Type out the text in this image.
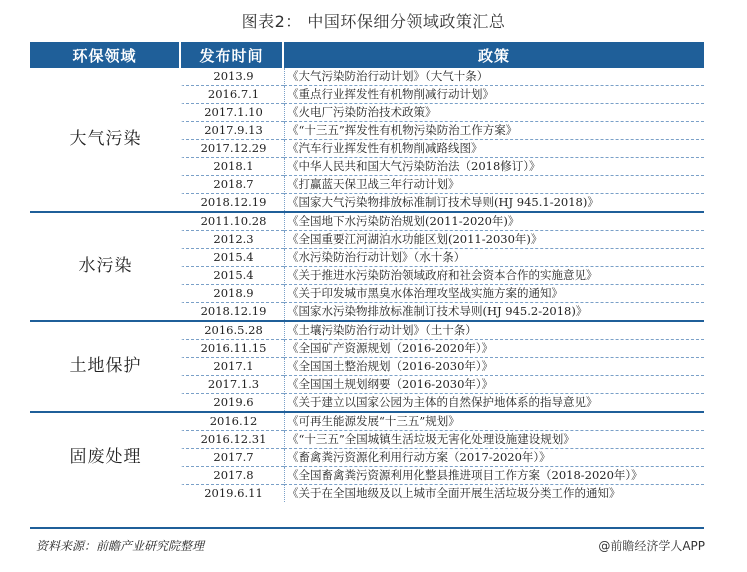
图表2： 中国环保细分领域政策汇总
环保领域	发布时间	政策
大气污染	2013.9	《大气污染防治行动计划》（大气十条）
	2016.7.1	《重点行业挥发性有机物削减行动计划》
	2017.1.10	《火电厂污染防治技术政策》
	2017.9.13	《“十三五”挥发性有机物污染防治工作方案》
	2017.12.29	《汽车行业挥发性有机物削减路线图》
	2018.1	《中华人民共和国大气污染防治法（2018修订）》
	2018.7	《打赢蓝天保卫战三年行动计划》
	2018.12.19	《国家大气污染物排放标准制订技术导则(HJ 945.1-2018)》

水污染	2011.10.28	《全国地下水污染防治规划(2011-2020年)》
	2012.3	《全国重要江河湖泊水功能区划(2011-2030年)》
	2015.4	《水污染防治行动计划》（水十条）
	2015.4	《关于推进水污染防治领域政府和社会资本合作的实施意见》
	2018.9	《关于印发城市黑臭水体治理攻坚战实施方案的通知》
	2018.12.19	《国家水污染物排放标准制订技术导则(HJ 945.2-2018)》

土地保护	2016.5.28	《土壤污染防治行动计划》（土十条）
	2016.11.15	《全国矿产资源规划（2016-2020年）》
	2017.1	《全国国土整治规划（2016-2030年）》
	2017.1.3	《全国国土规划纲要（2016-2030年）》
	2019.6	《关于建立以国家公园为主体的自然保护地体系的指导意见》

固废处理	2016.12	《可再生能源发展“十三五”规划》
	2016.12.31	《“十三五”全国城镇生活垃圾无害化处理设施建设规划》
	2017.7	《畜禽粪污资源化利用行动方案（2017-2020年）》
	2017.8	《全国畜禽粪污资源利用化整县推进项目工作方案（2018-2020年）》
	2019.6.11	《关于在全国地级及以上城市全面开展生活垃圾分类工作的通知》
资料来源：前瞻产业研究院整理	@前瞻经济学人APP
